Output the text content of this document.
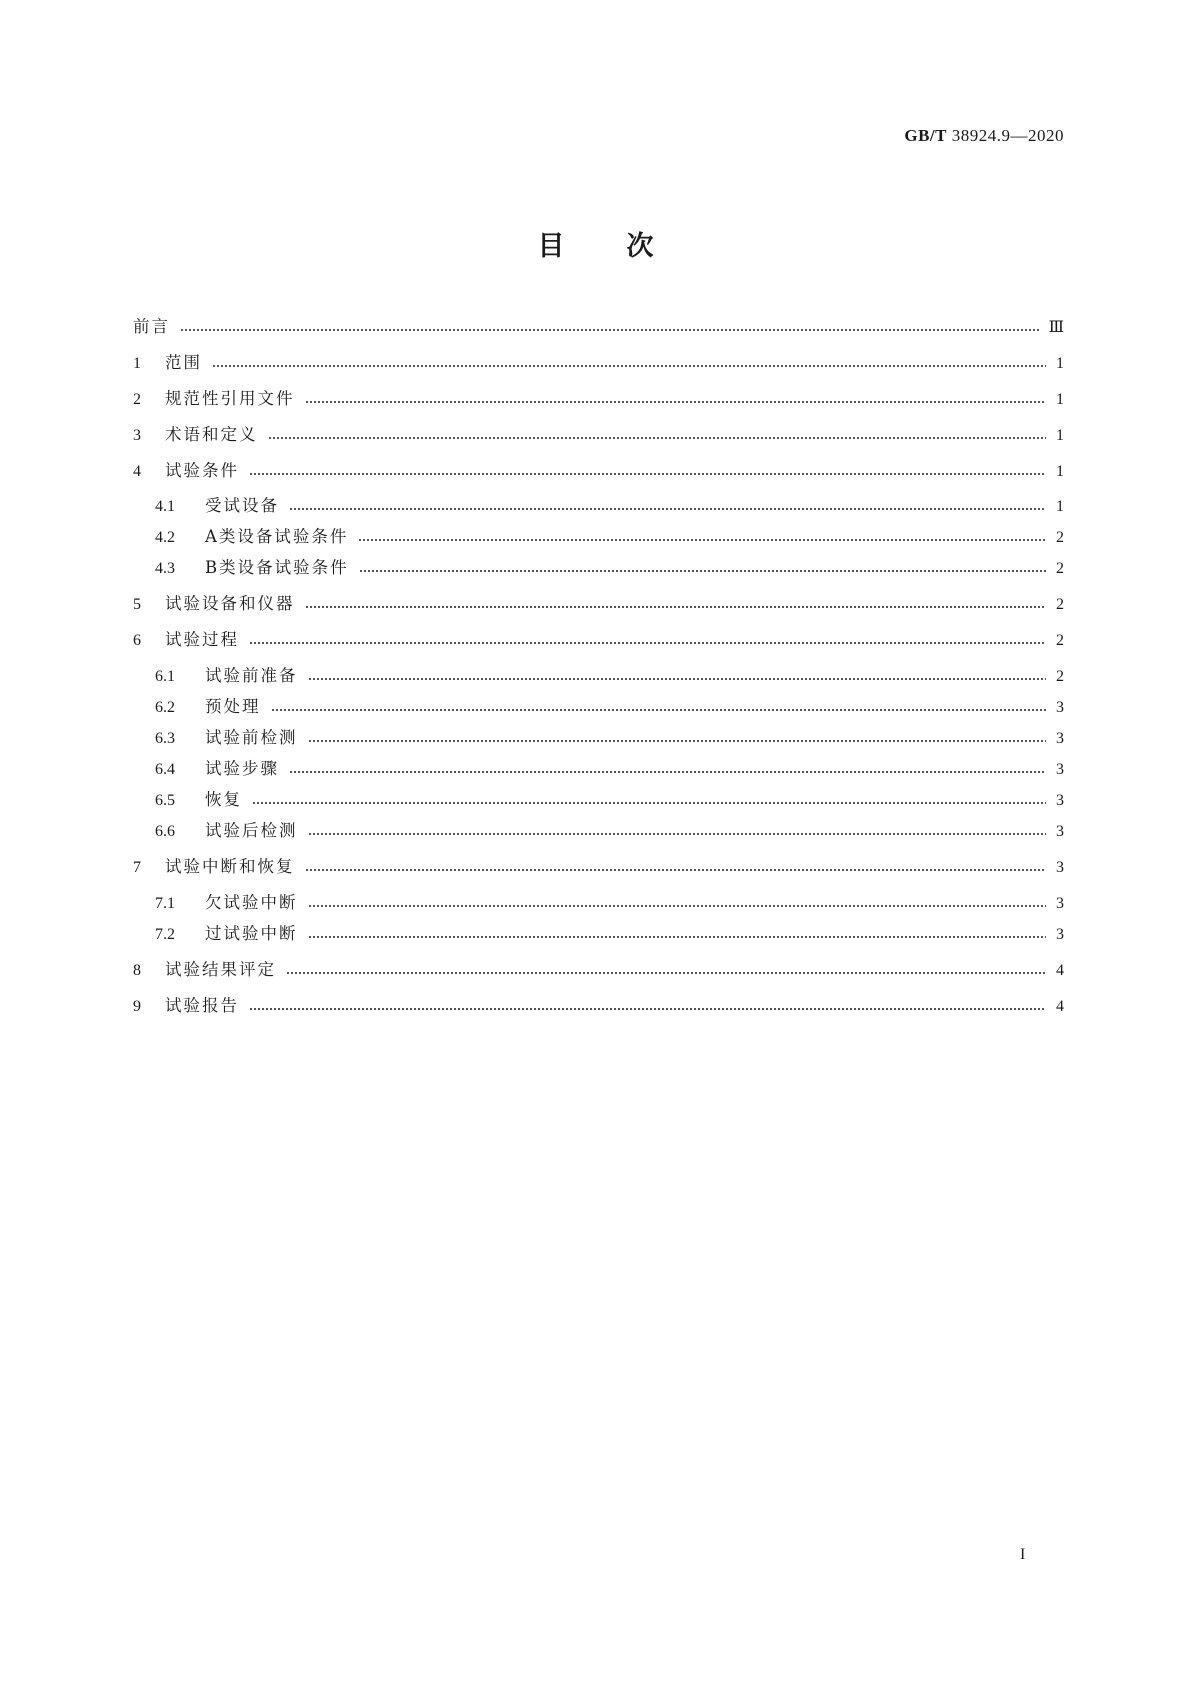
GB/T 38924.9—2020
目次
前言	Ⅲ
1	范围	1
2	规范性引用文件	1
3	术语和定义	1
4	试验条件	1
4.1	受试设备	1
4.2	A类设备试验条件	2
4.3	B类设备试验条件	2
5	试验设备和仪器	2
6	试验过程	2
6.1	试验前准备	2
6.2	预处理	3
6.3	试验前检测	3
6.4	试验步骤	3
6.5	恢复	3
6.6	试验后检测	3
7	试验中断和恢复	3
7.1	欠试验中断	3
7.2	过试验中断	3
8	试验结果评定	4
9	试验报告	4
I
